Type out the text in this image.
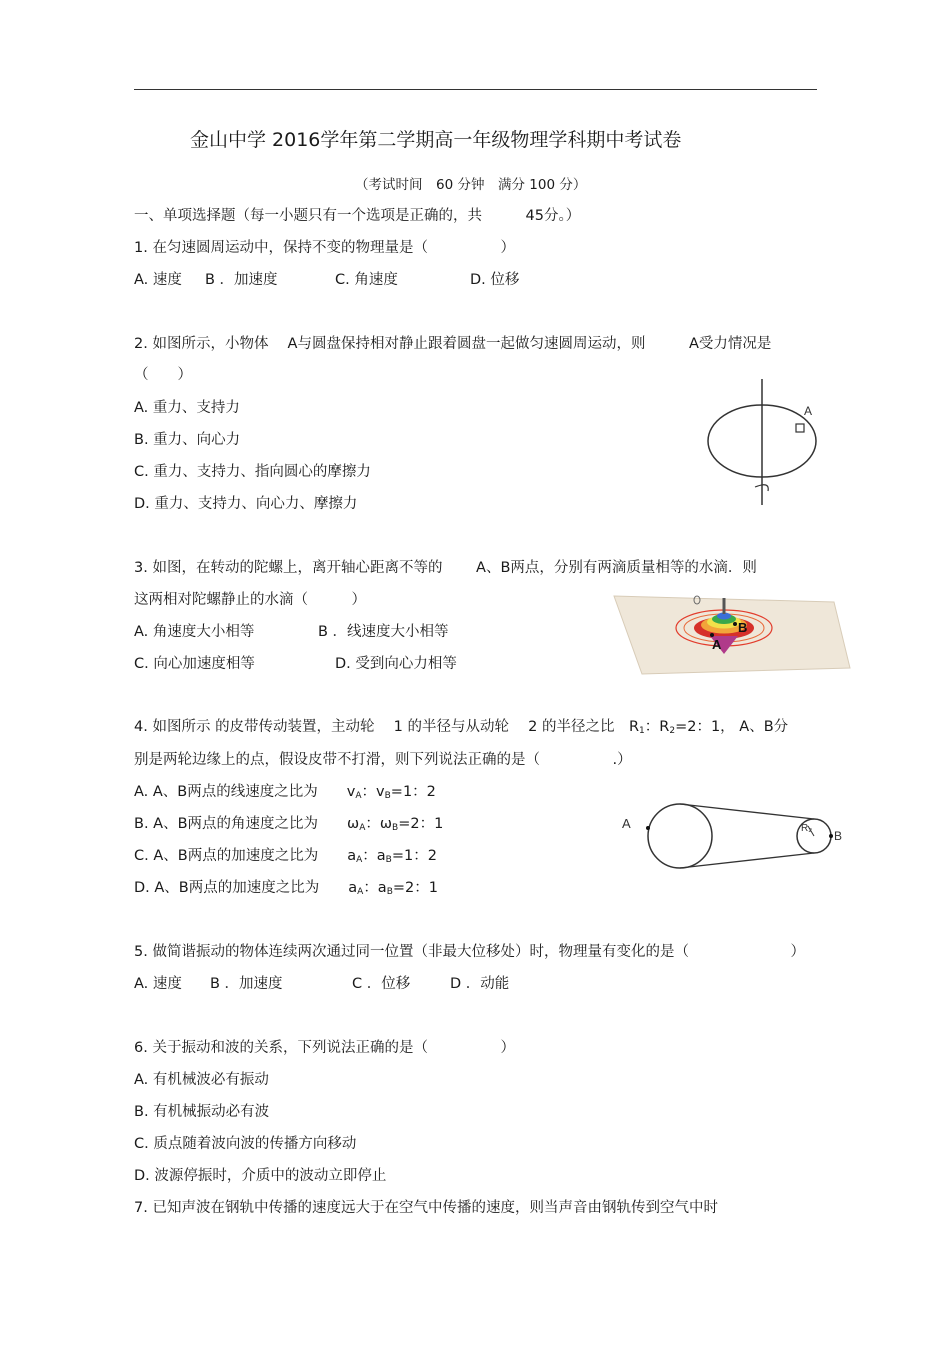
金山中学 2016学年第二学期高一年级物理学科期中考试卷
（考试时间　60 分钟　满分 100 分）
一、单项选择题（每一小题只有一个选项是正确的，共　　　45分。）
1. 在匀速圆周运动中，保持不变的物理量是（　　　　　）
A. 速度 B ．加速度	C. 角速度	D. 位移
2. 如图所示，小物体　 A与圆盘保持相对静止跟着圆盘一起做匀速圆周运动，则　　　A受力情况是
（　　）
A. 重力、支持力
B. 重力、向心力
C. 重力、支持力、指向圆心的摩擦力
D. 重力、支持力、向心力、摩擦力
A
3. 如图，在转动的陀螺上，离开轴心距离不等的　　 A、B两点，分别有两滴质量相等的水滴．则
这两相对陀螺静止的水滴（　　　）
A. 角速度大小相等	B ．线速度大小相等
C. 向心加速度相等	D. 受到向心力相等
B
A
4. 如图所示 的皮带传动装置，主动轮　 1 的半径与从动轮　 2 的半径之比　$R_1$：$R_2=2$：1， A、B分
别是两轮边缘上的点，假设皮带不打滑，则下列说法正确的是（　　　　　.）
A. A、B两点的线速度之比为　　$v_A$：$v_B=1$：2
B. A、B两点的角速度之比为　　$\omega_A$：$\omega_B=2$：1
C. A、B两点的加速度之比为　　$a_A$：$a_B=1$：2
D. A、B两点的加速度之比为　　$a_A$：$a_B=2$：1
A	R₂
B
5. 做简谐振动的物体连续两次通过同一位置（非最大位移处）时，物理量有变化的是（　　　　　　　）
A. 速度 B ．加速度	C ．位移	D ．动能
6. 关于振动和波的关系，下列说法正确的是（　　　　　）
A. 有机械波必有振动
B. 有机械振动必有波
C. 质点随着波向波的传播方向移动
D. 波源停振时，介质中的波动立即停止
7. 已知声波在钢轨中传播的速度远大于在空气中传播的速度，则当声音由钢轨传到空气中时
